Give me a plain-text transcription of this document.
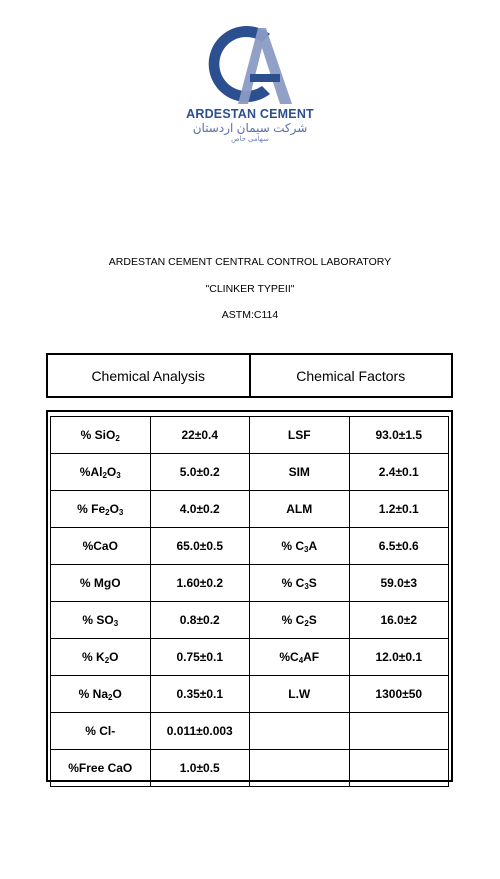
ARDESTAN CEMENT
شرکت سیمان اردستان
سهامی خاص
ARDESTAN CEMENT CENTRAL CONTROL LABORATORY
"CLINKER TYPEII"
ASTM:C114
Chemical Analysis	Chemical Factors
% SiO$_2$	22±0.4	LSF	93.0±1.5
$\%Al_2O_3$	5.0±0.2	SIM	2.4±0.1
% $Fe_2O_3$	4.0±0.2	ALM	1.2±0.1
%CaO	65.0±0.5	% $C_3A$	6.5±0.6
% MgO	1.60±0.2	% $C_3S$	59.0±3
% $SO_3$	0.8±0.2	% $C_2S$	16.0±2
% $K_2O$	0.75±0.1	$\%C_4AF$	12.0±0.1
% $Na_2O$	0.35±0.1	L.W	1300±50
% Cl-	0.011±0.003		
%Free CaO	1.0±0.5		
